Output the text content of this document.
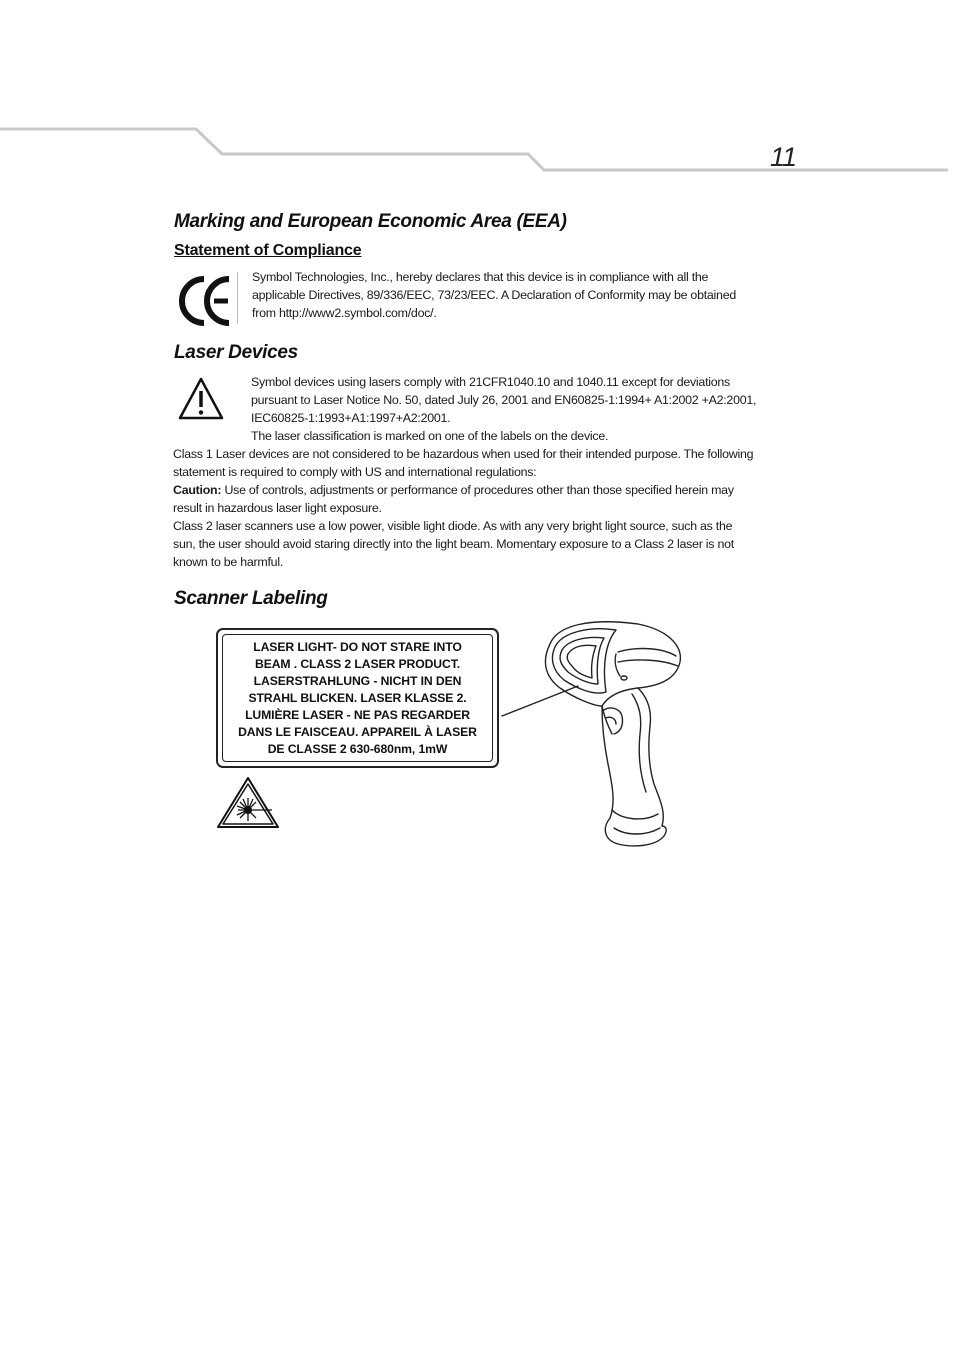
11
Marking and European Economic Area (EEA)
Statement of Compliance
Symbol Technologies, Inc., hereby declares that this device is in compliance with all the
applicable Directives, 89/336/EEC, 73/23/EEC. A Declaration of Conformity may be obtained
from http://www2.symbol.com/doc/.
Laser Devices
Symbol devices using lasers comply with 21CFR1040.10 and 1040.11 except for deviations
pursuant to Laser Notice No. 50, dated July 26, 2001 and EN60825-1:1994+ A1:2002 +A2:2001,
IEC60825-1:1993+A1:1997+A2:2001.
The laser classification is marked on one of the labels on the device.
Class 1 Laser devices are not considered to be hazardous when used for their intended purpose. The following
statement is required to comply with US and international regulations:
Caution: Use of controls, adjustments or performance of procedures other than those specified herein may
result in hazardous laser light exposure.
Class 2 laser scanners use a low power, visible light diode. As with any very bright light source, such as the
sun, the user should avoid staring directly into the light beam. Momentary exposure to a Class 2 laser is not
known to be harmful.
Scanner Labeling
LASER LIGHT- DO NOT STARE INTO
BEAM . CLASS 2 LASER PRODUCT.
LASERSTRAHLUNG - NICHT IN DEN
STRAHL BLICKEN. LASER KLASSE 2.
LUMIÈRE LASER - NE PAS REGARDER
DANS LE FAISCEAU. APPAREIL À LASER
DE CLASSE 2 630-680nm, 1mW
